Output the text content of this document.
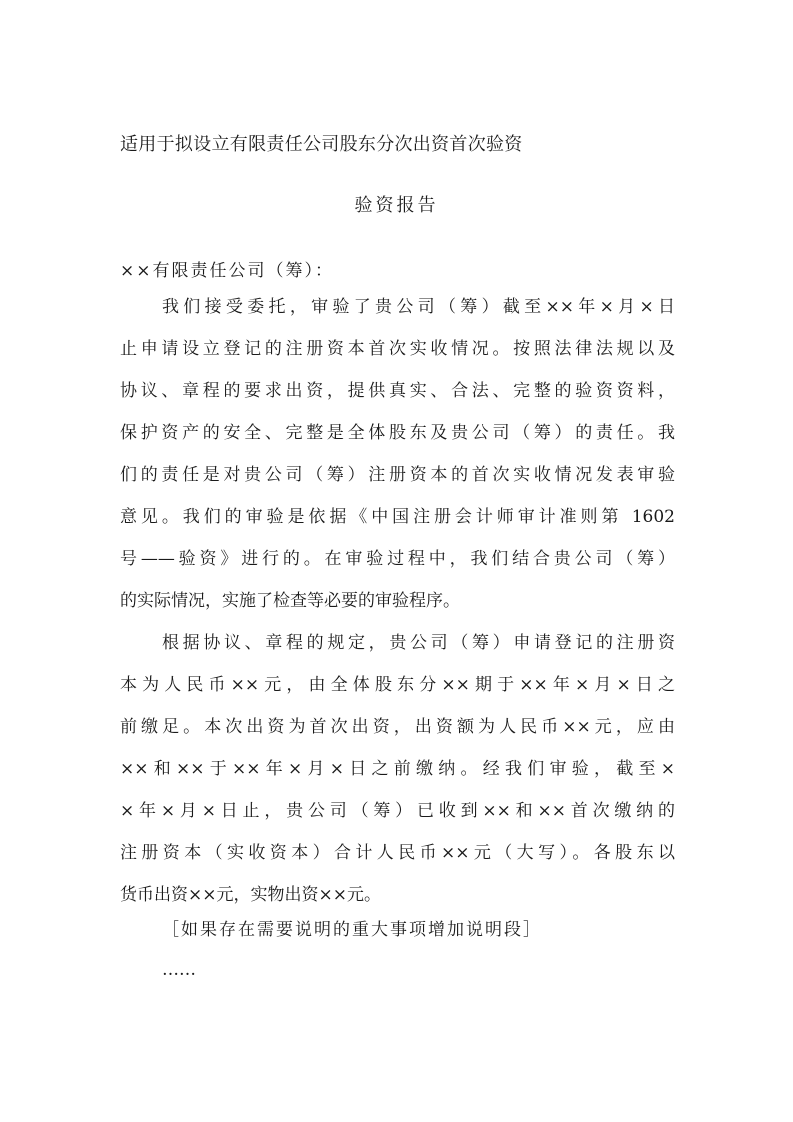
适用于拟设立有限责任公司股东分次出资首次验资
验资报告
××有限责任公司（筹）：
我们接受委托，审验了贵公司（筹）截至××年×月×日
止申请设立登记的注册资本首次实收情况。按照法律法规以及
协议、章程的要求出资，提供真实、合法、完整的验资资料，
保护资产的安全、完整是全体股东及贵公司（筹）的责任。我
们的责任是对贵公司（筹）注册资本的首次实收情况发表审验
意见。我们的审验是依据《中国注册会计师审计准则第 1602
号——验资》进行的。在审验过程中，我们结合贵公司（筹）
的实际情况，实施了检查等必要的审验程序。
根据协议、章程的规定，贵公司（筹）申请登记的注册资
本为人民币××元，由全体股东分××期于××年×月×日之
前缴足。本次出资为首次出资，出资额为人民币××元，应由
××和××于××年×月×日之前缴纳。经我们审验，截至×
×年×月×日止，贵公司（筹）已收到××和××首次缴纳的
注册资本（实收资本）合计人民币××元（大写）。各股东以
货币出资××元，实物出资××元。
［如果存在需要说明的重大事项增加说明段］
……
